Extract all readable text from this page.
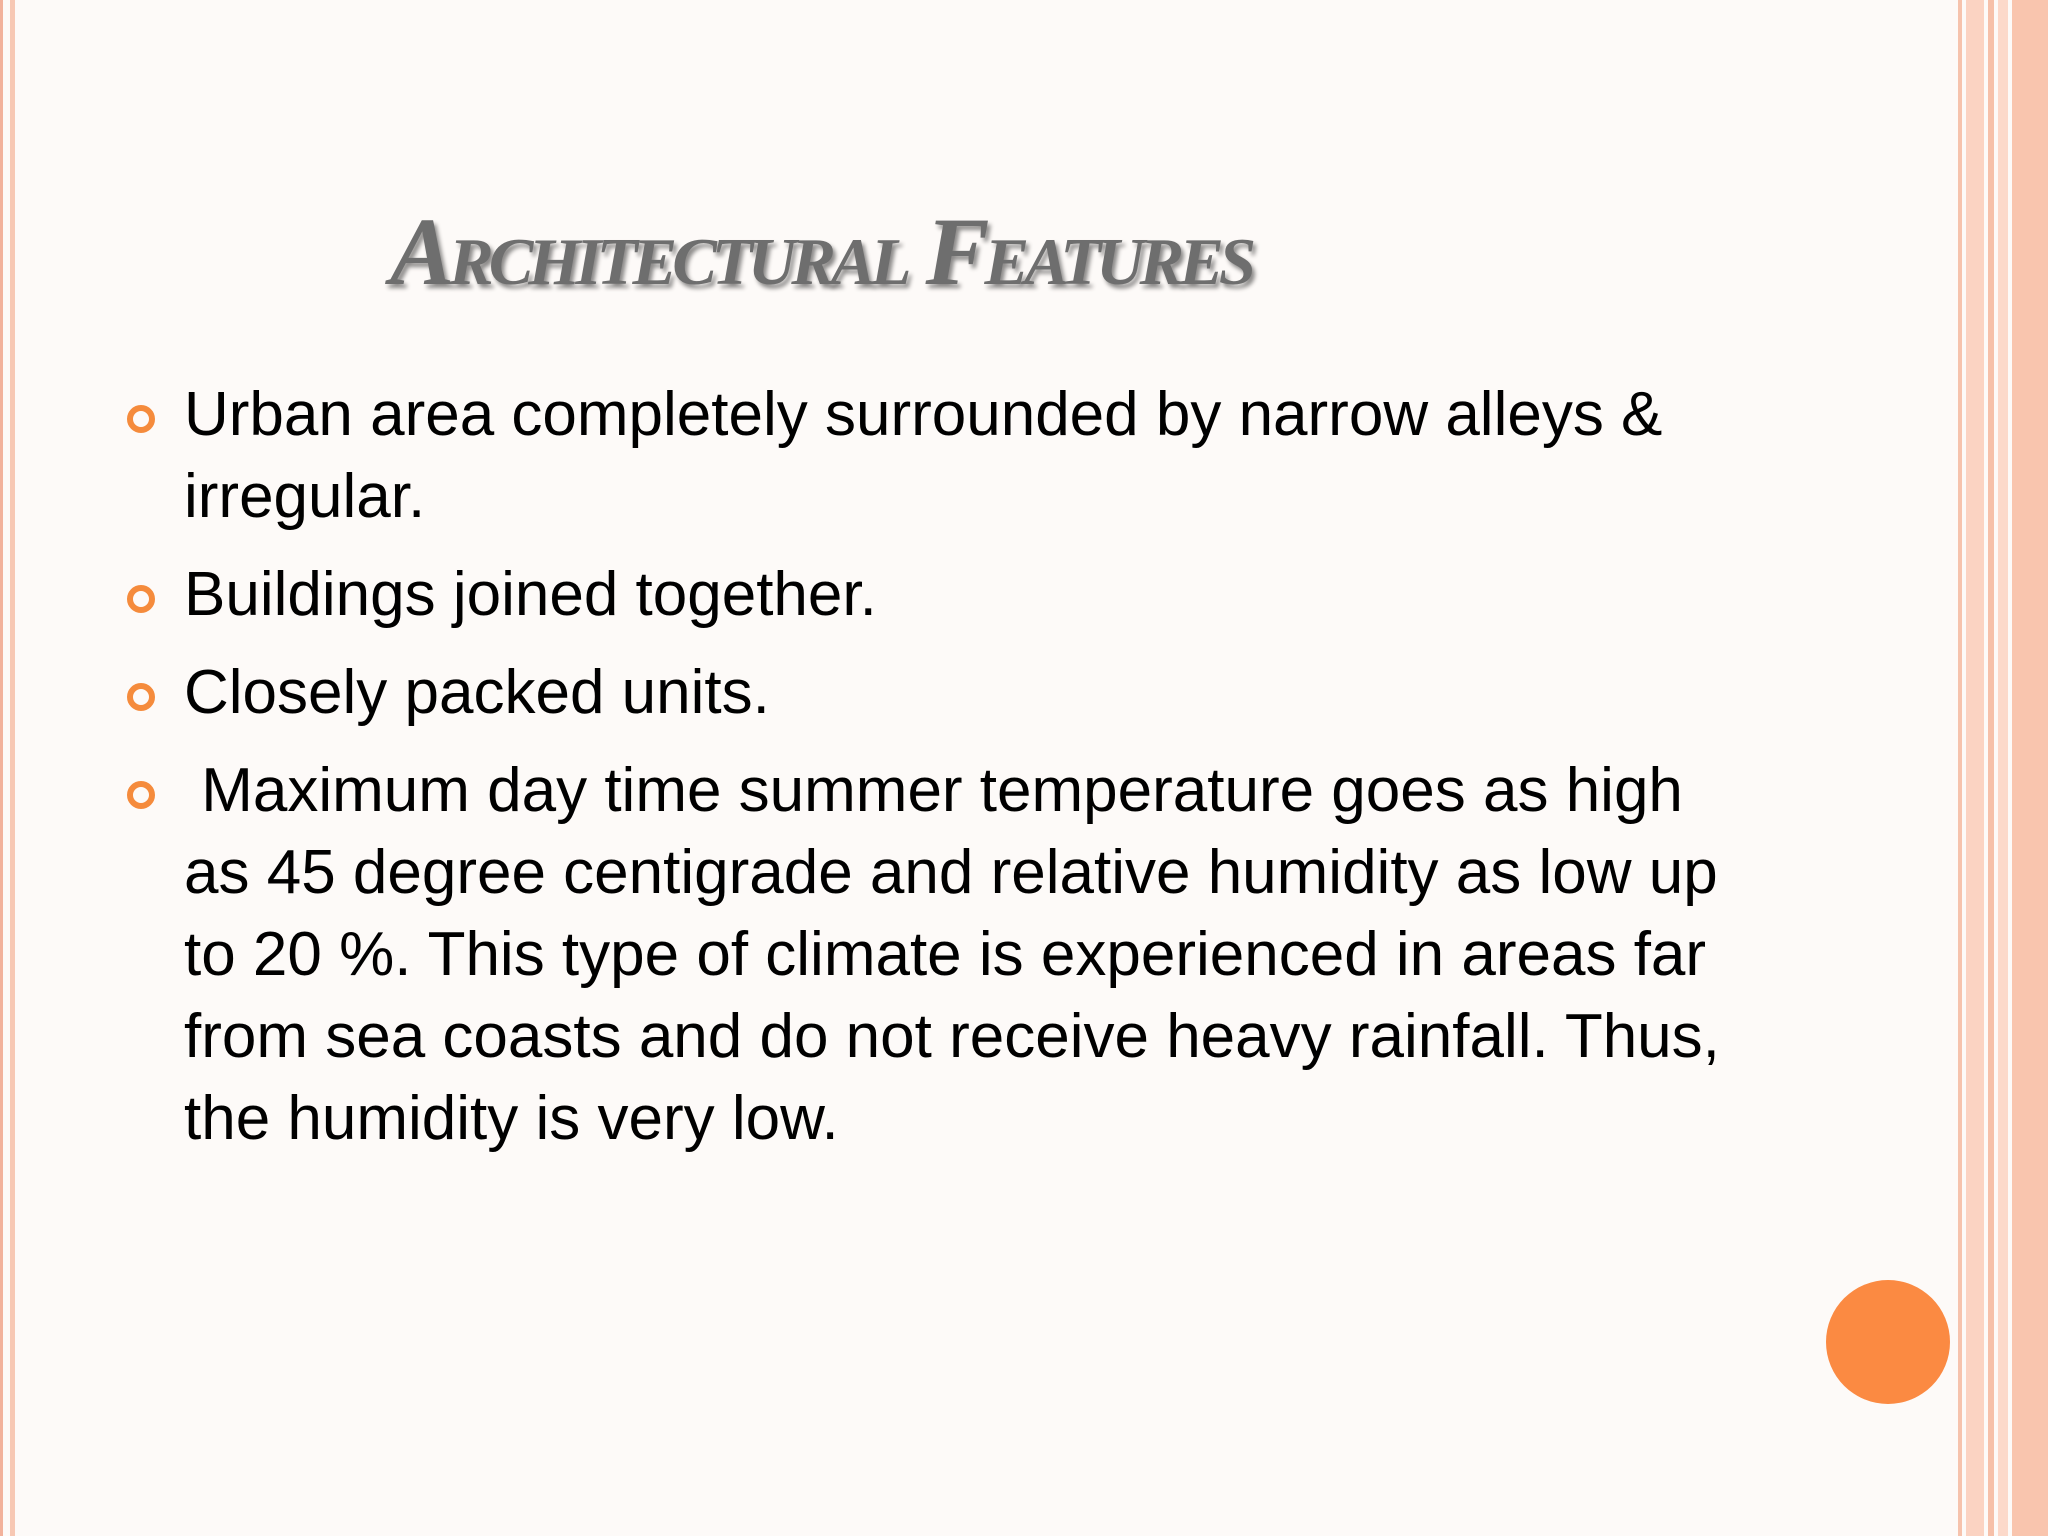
Architectural Features
Urban area completely surrounded by narrow alleys & irregular.
Buildings joined together.
Closely packed units.
Maximum day time summer temperature goes as high as 45 degree centigrade and relative humidity as low up to 20 %. This type of climate is experienced in areas far from sea coasts and do not receive heavy rainfall. Thus, the humidity is very low.
